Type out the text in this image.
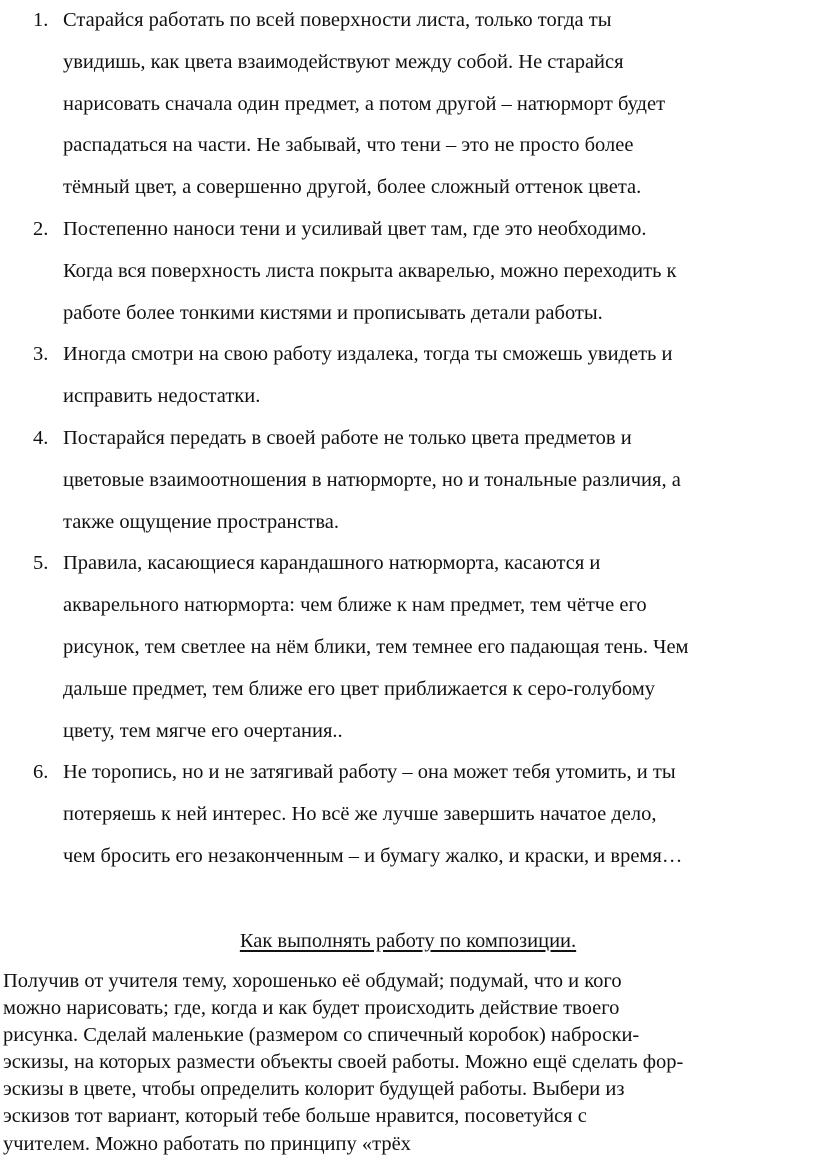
1. Старайся работать по всей поверхности листа, только тогда ты
увидишь, как цвета взаимодействуют между собой. Не старайся
нарисовать сначала один предмет, а потом другой – натюрморт будет
распадаться на части. Не забывай, что тени – это не просто более
тёмный цвет, а совершенно другой, более сложный оттенок цвета.
2. Постепенно наноси тени и усиливай цвет там, где это необходимо.
Когда вся поверхность листа покрыта акварелью, можно переходить к
работе более тонкими кистями и прописывать детали работы.
3. Иногда смотри на свою работу издалека, тогда ты сможешь увидеть и
исправить недостатки.
4. Постарайся передать в своей работе не только цвета предметов и
цветовые взаимоотношения в натюрморте, но и тональные различия, а
также ощущение пространства.
5. Правила, касающиеся карандашного натюрморта, касаются и
акварельного натюрморта: чем ближе к нам предмет, тем чётче его
рисунок, тем светлее на нём блики, тем темнее его падающая тень. Чем
дальше предмет, тем ближе его цвет приближается к серо-голубому
цвету, тем мягче его очертания..
6. Не торопись, но и не затягивай работу – она может тебя утомить, и ты
потеряешь к ней интерес. Но всё же лучше завершить начатое дело,
чем бросить его незаконченным – и бумагу жалко, и краски, и время…
Как выполнять работу по композиции.
Получив от учителя тему, хорошенько её обдумай; подумай, что и кого
можно нарисовать; где, когда и как будет происходить действие твоего
рисунка. Сделай маленькие (размером со спичечный коробок) наброски-
эскизы, на которых размести объекты своей работы. Можно ещё сделать фор-
эскизы в цвете, чтобы определить колорит будущей работы. Выбери из
эскизов тот вариант, который тебе больше нравится, посоветуйся с
учителем. Можно работать по принципу «трёх
